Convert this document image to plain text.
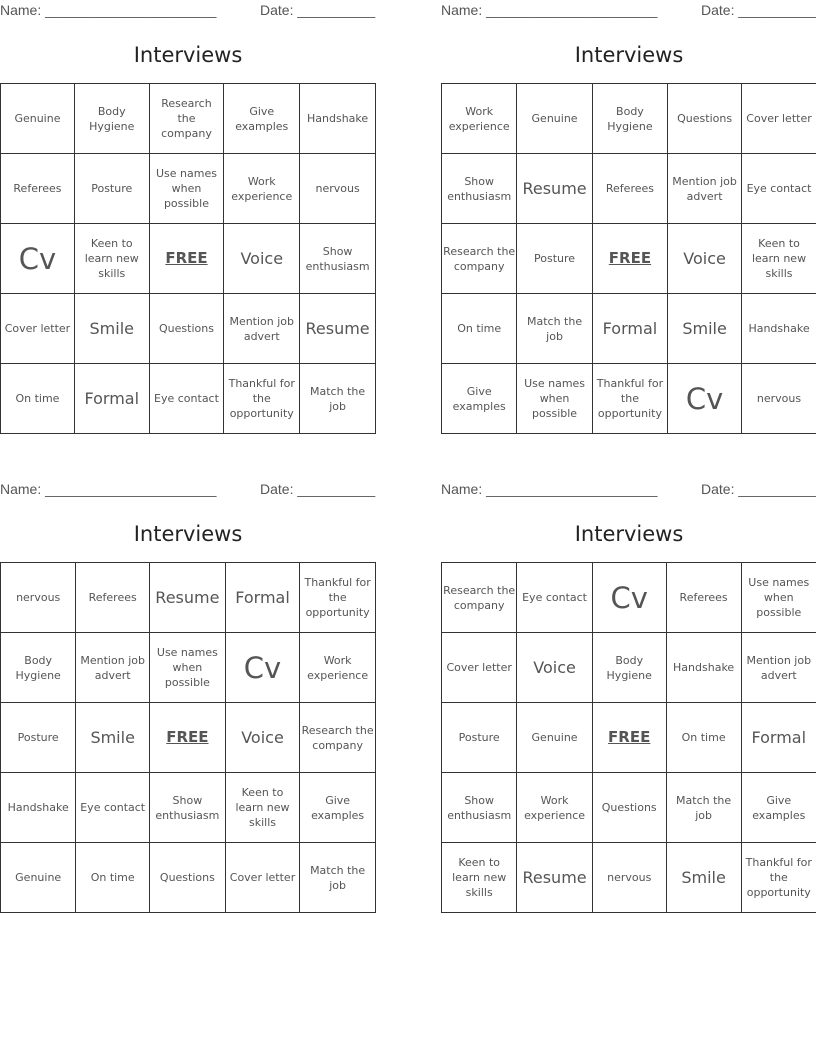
Name: ______________________	Date: __________
Interviews
Genuine	Body Hygiene	Research the company	Give examples	Handshake
Referees	Posture	Use names when possible	Work experience	nervous
Cv	Keen to learn new skills	FREE	Voice	Show enthusiasm
Cover letter	Smile	Questions	Mention job advert	Resume
On time	Formal	Eye contact	Thankful for the opportunity	Match the job
Name: ______________________	Date: __________
Interviews
Work experience	Genuine	Body Hygiene	Questions	Cover letter
Show enthusiasm	Resume	Referees	Mention job advert	Eye contact
Research the company	Posture	FREE	Voice	Keen to learn new skills
On time	Match the job	Formal	Smile	Handshake
Give examples	Use names when possible	Thankful for the opportunity	Cv	nervous
Name: ______________________	Date: __________
Interviews
nervous	Referees	Resume	Formal	Thankful for the opportunity
Body Hygiene	Mention job advert	Use names when possible	Cv	Work experience
Posture	Smile	FREE	Voice	Research the company
Handshake	Eye contact	Show enthusiasm	Keen to learn new skills	Give examples
Genuine	On time	Questions	Cover letter	Match the job
Name: ______________________	Date: __________
Interviews
Research the company	Eye contact	Cv	Referees	Use names when possible
Cover letter	Voice	Body Hygiene	Handshake	Mention job advert
Posture	Genuine	FREE	On time	Formal
Show enthusiasm	Work experience	Questions	Match the job	Give examples
Keen to learn new skills	Resume	nervous	Smile	Thankful for the opportunity
